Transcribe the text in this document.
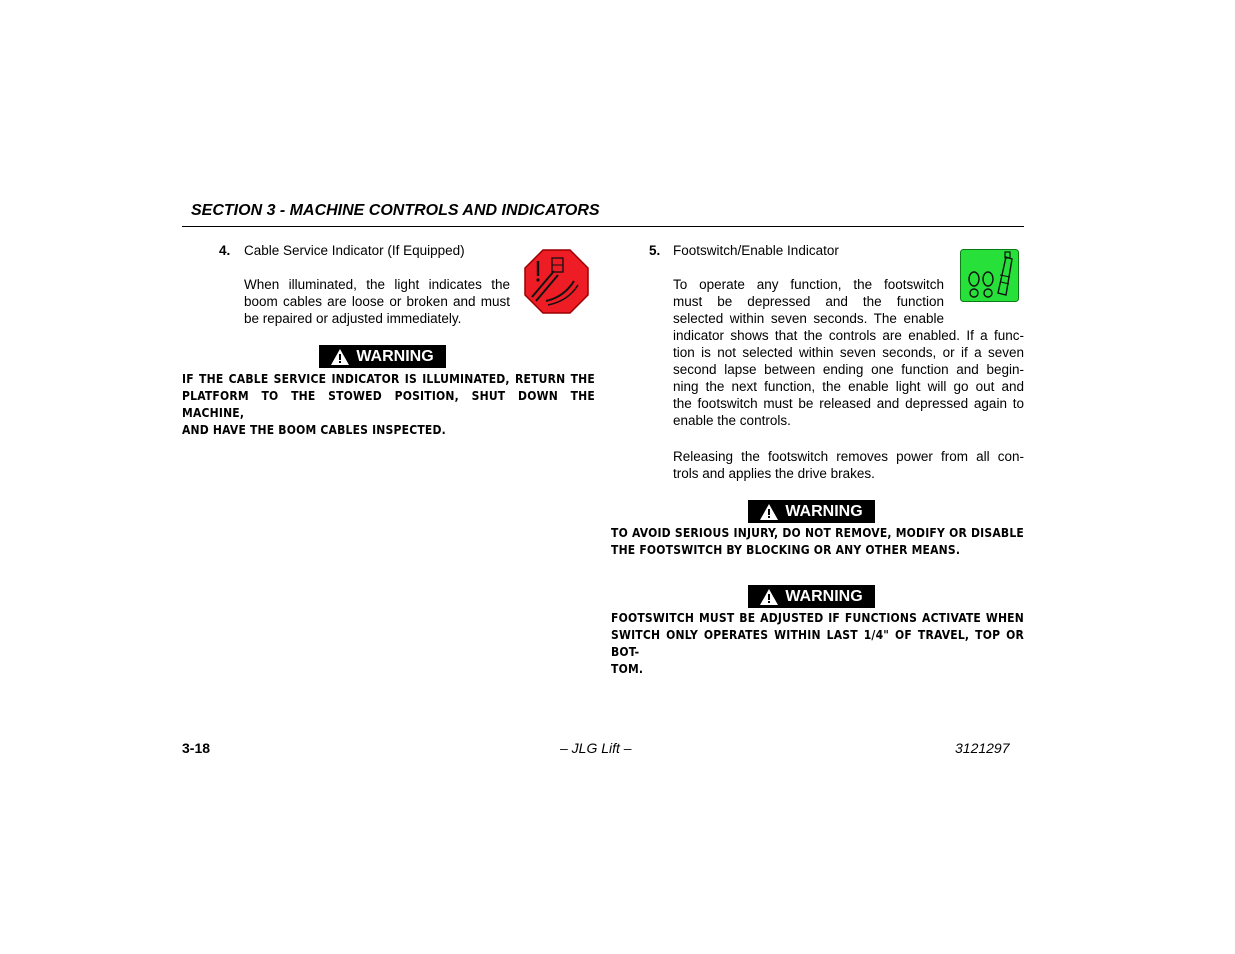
SECTION 3 - MACHINE CONTROLS AND INDICATORS
4. Cable Service Indicator (If Equipped)
When illuminated, the light indicates the boom cables are loose or broken and must be repaired or adjusted immediately.
WARNING
IF THE CABLE SERVICE INDICATOR IS ILLUMINATED, RETURN THE
PLATFORM TO THE STOWED POSITION, SHUT DOWN THE MACHINE,
AND HAVE THE BOOM CABLES INSPECTED.
5. Footswitch/Enable Indicator
To operate any function, the footswitch
must be depressed and the function
selected within seven seconds. The enable
indicator shows that the controls are enabled. If a func-
tion is not selected within seven seconds, or if a seven
second lapse between ending one function and begin-
ning the next function, the enable light will go out and
the footswitch must be released and depressed again to
enable the controls.
Releasing the footswitch removes power from all con-
trols and applies the drive brakes.
WARNING
TO AVOID SERIOUS INJURY, DO NOT REMOVE, MODIFY OR DISABLE
THE FOOTSWITCH BY BLOCKING OR ANY OTHER MEANS.
WARNING
FOOTSWITCH MUST BE ADJUSTED IF FUNCTIONS ACTIVATE WHEN
SWITCH ONLY OPERATES WITHIN LAST 1/4" OF TRAVEL, TOP OR BOT-
TOM.
3-18	– JLG Lift –	3121297
